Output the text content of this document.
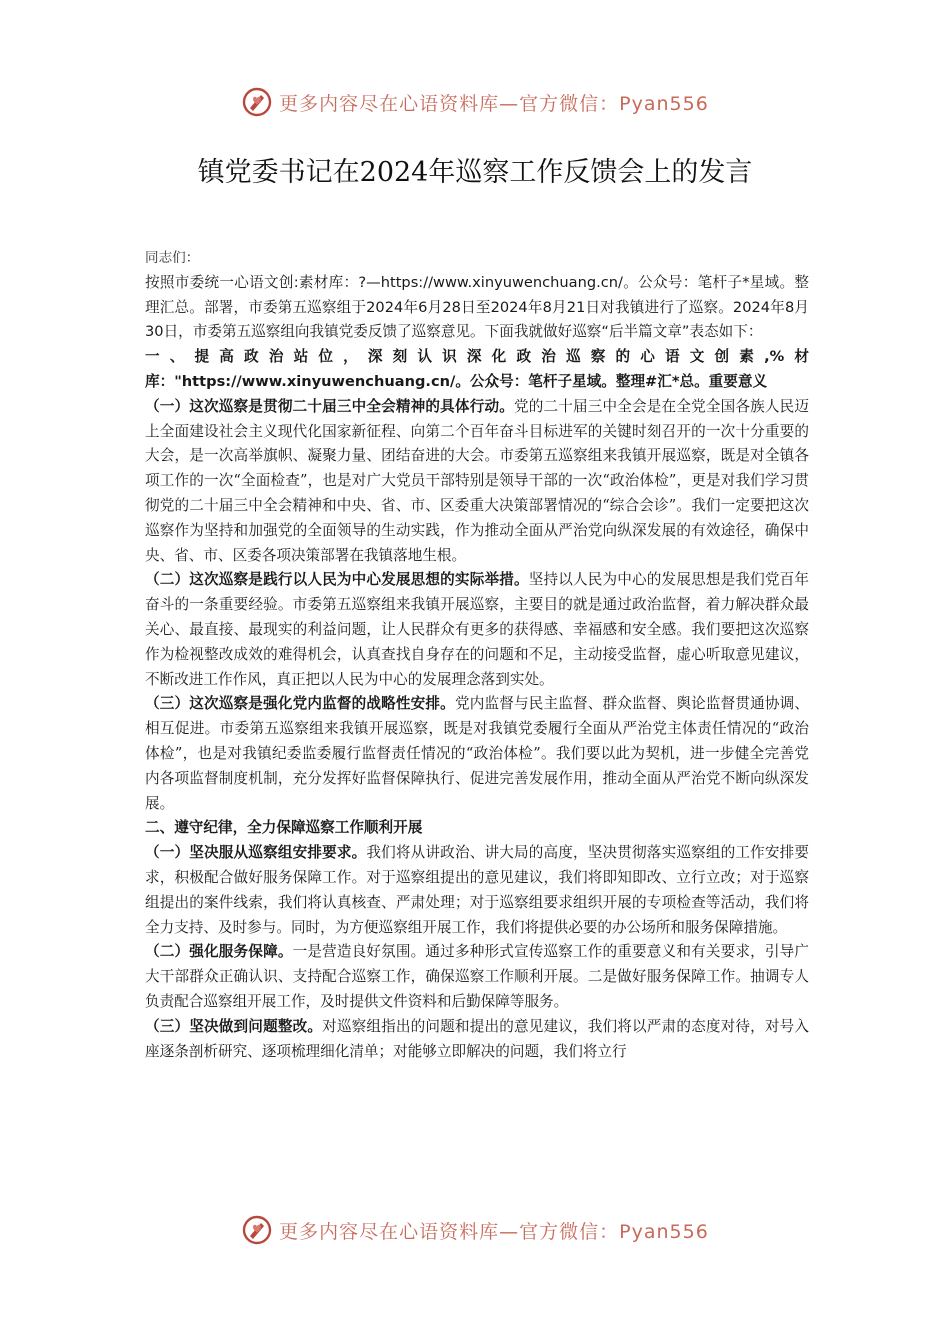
更多内容尽在心语资料库—官方微信：Pyan556
镇党委书记在2024年巡察工作反馈会上的发言

同志们：

按照市委统一心语文创:素材库：?—https://www.xinyuwenchuang.cn/。公众号：笔杆子*星域。整理汇总。部署，市委第五巡察组于2024年6月28日至2024年8月21日对我镇进行了巡察。2024年8月30日，市委第五巡察组向我镇党委反馈了巡察意见。下面我就做好巡察“后半篇文章”表态如下：

一、提高政治站位，深刻认识深化政治巡察的心语文创素,%材库："https://www.xinyuwenchuang.cn/。公众号：笔杆子星域。整理#汇*总。重要意义

（一）这次巡察是贯彻二十届三中全会精神的具体行动。党的二十届三中全会是在全党全国各族人民迈上全面建设社会主义现代化国家新征程、向第二个百年奋斗目标进军的关键时刻召开的一次十分重要的大会，是一次高举旗帜、凝聚力量、团结奋进的大会。市委第五巡察组来我镇开展巡察，既是对全镇各项工作的一次“全面检查”，也是对广大党员干部特别是领导干部的一次“政治体检”，更是对我们学习贯彻党的二十届三中全会精神和中央、省、市、区委重大决策部署情况的“综合会诊”。我们一定要把这次巡察作为坚持和加强党的全面领导的生动实践，作为推动全面从严治党向纵深发展的有效途径，确保中央、省、市、区委各项决策部署在我镇落地生根。

（二）这次巡察是践行以人民为中心发展思想的实际举措。坚持以人民为中心的发展思想是我们党百年奋斗的一条重要经验。市委第五巡察组来我镇开展巡察，主要目的就是通过政治监督，着力解决群众最关心、最直接、最现实的利益问题，让人民群众有更多的获得感、幸福感和安全感。我们要把这次巡察作为检视整改成效的难得机会，认真查找自身存在的问题和不足，主动接受监督，虚心听取意见建议，不断改进工作作风，真正把以人民为中心的发展理念落到实处。

（三）这次巡察是强化党内监督的战略性安排。党内监督与民主监督、群众监督、舆论监督贯通协调、相互促进。市委第五巡察组来我镇开展巡察，既是对我镇党委履行全面从严治党主体责任情况的“政治体检”，也是对我镇纪委监委履行监督责任情况的“政治体检”。我们要以此为契机，进一步健全完善党内各项监督制度机制，充分发挥好监督保障执行、促进完善发展作用，推动全面从严治党不断向纵深发展。

二、遵守纪律，全力保障巡察工作顺利开展

（一）坚决服从巡察组安排要求。我们将从讲政治、讲大局的高度，坚决贯彻落实巡察组的工作安排要求，积极配合做好服务保障工作。对于巡察组提出的意见建议，我们将即知即改、立行立改；对于巡察组提出的案件线索，我们将认真核查、严肃处理；对于巡察组要求组织开展的专项检查等活动，我们将全力支持、及时参与。同时，为方便巡察组开展工作，我们将提供必要的办公场所和服务保障措施。

（二）强化服务保障。一是营造良好氛围。通过多种形式宣传巡察工作的重要意义和有关要求，引导广大干部群众正确认识、支持配合巡察工作，确保巡察工作顺利开展。二是做好服务保障工作。抽调专人负责配合巡察组开展工作，及时提供文件资料和后勤保障等服务。

（三）坚决做到问题整改。对巡察组指出的问题和提出的意见建议，我们将以严肃的态度对待，对号入座逐条剖析研究、逐项梳理细化清单；对能够立即解决的问题，我们将立行

更多内容尽在心语资料库—官方微信：Pyan556
